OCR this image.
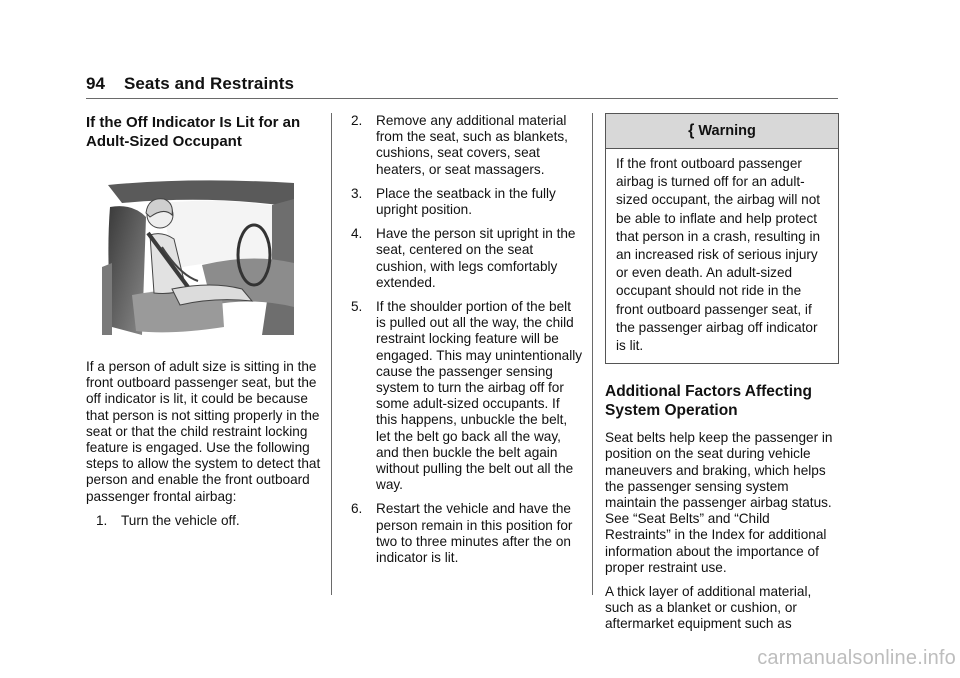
94 Seats and Restraints
If the Off Indicator Is Lit for an Adult-Sized Occupant

If a person of adult size is sitting in the front outboard passenger seat, but the off indicator is lit, it could be because that person is not sitting properly in the seat or that the child restraint locking feature is engaged. Use the following steps to allow the system to detect that person and enable the front outboard passenger frontal airbag:

1.	Turn the vehicle off.
2.	Remove any additional material from the seat, such as blankets, cushions, seat covers, seat heaters, or seat massagers.
3.	Place the seatback in the fully upright position.
4.	Have the person sit upright in the seat, centered on the seat cushion, with legs comfortably extended.
5.	If the shoulder portion of the belt is pulled out all the way, the child restraint locking feature will be engaged. This may unintentionally cause the passenger sensing system to turn the airbag off for some adult-sized occupants. If this happens, unbuckle the belt, let the belt go back all the way, and then buckle the belt again without pulling the belt out all the way.
6.	Restart the vehicle and have the person remain in this position for two to three minutes after the on indicator is lit.
{ Warning
If the front outboard passenger airbag is turned off for an adult-sized occupant, the airbag will not be able to inflate and help protect that person in a crash, resulting in an increased risk of serious injury or even death. An adult-sized occupant should not ride in the front outboard passenger seat, if the passenger airbag off indicator is lit.
Additional Factors Affecting System Operation

Seat belts help keep the passenger in position on the seat during vehicle maneuvers and braking, which helps the passenger sensing system maintain the passenger airbag status. See “Seat Belts” and “Child Restraints” in the Index for additional information about the importance of proper restraint use.

A thick layer of additional material, such as a blanket or cushion, or aftermarket equipment such as

carmanualsonline.info
